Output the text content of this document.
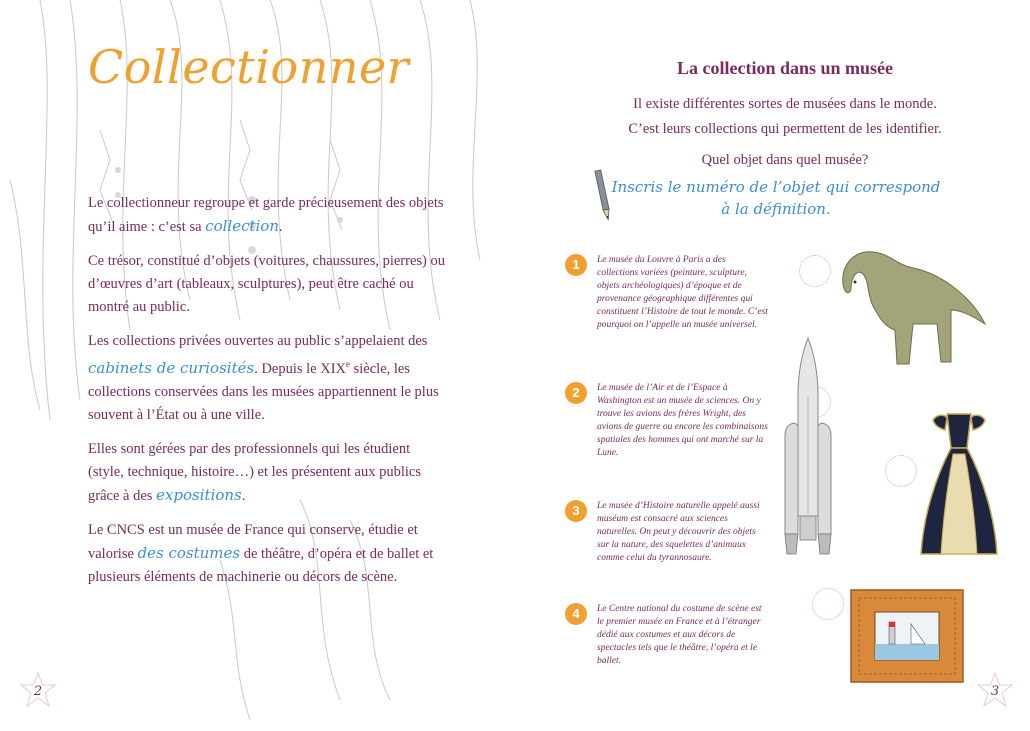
Collectionner

Le collectionneur regroupe et garde précieusement des objets qu’il aime : c’est sa collection.

Ce trésor, constitué d’objets (voitures, chaussures, pierres) ou d’œuvres d’art (tableaux, sculptures), peut être caché ou montré au public.

Les collections privées ouvertes au public s’appelaient des cabinets de curiosités. Depuis le XIXe siècle, les collections conservées dans les musées appartiennent le plus souvent à l’État ou à une ville.

Elles sont gérées par des professionnels qui les étudient (style, technique, histoire…) et les présentent aux publics grâce à des expositions.

Le CNCS est un musée de France qui conserve, étudie et valorise des costumes de théâtre, d’opéra et de ballet et plusieurs éléments de machinerie ou décors de scène.

2
La collection dans un musée
Il existe différentes sortes de musées dans le monde.
C’est leurs collections qui permettent de les identifier.
Quel objet dans quel musée?
Inscris le numéro de l’objet qui correspond à la définition.
1	Le musée du Louvre à Paris a des collections variées (peinture, sculpture, objets archéologiques) d’époque et de provenance géographique différentes qui constituent l’Histoire de tout le monde. C’est pourquoi on l’appelle un musée universel.
2	Le musée de l’Air et de l’Espace à Washington est un musée de sciences. On y trouve les avions des frères Wright, des avions de guerre ou encore les combinaisons spatiales des hommes qui ont marché sur la Lune.
3	Le musée d’Histoire naturelle appelé aussi muséum est consacré aux sciences naturelles. On peut y découvrir des objets sur la nature, des squelettes d’animaux comme celui du tyrannosaure.
4	Le Centre national du costume de scène est le premier musée en France et à l’étranger dédié aux costumes et aux décors de spectacles tels que le théâtre, l’opéra et le ballet.
3
